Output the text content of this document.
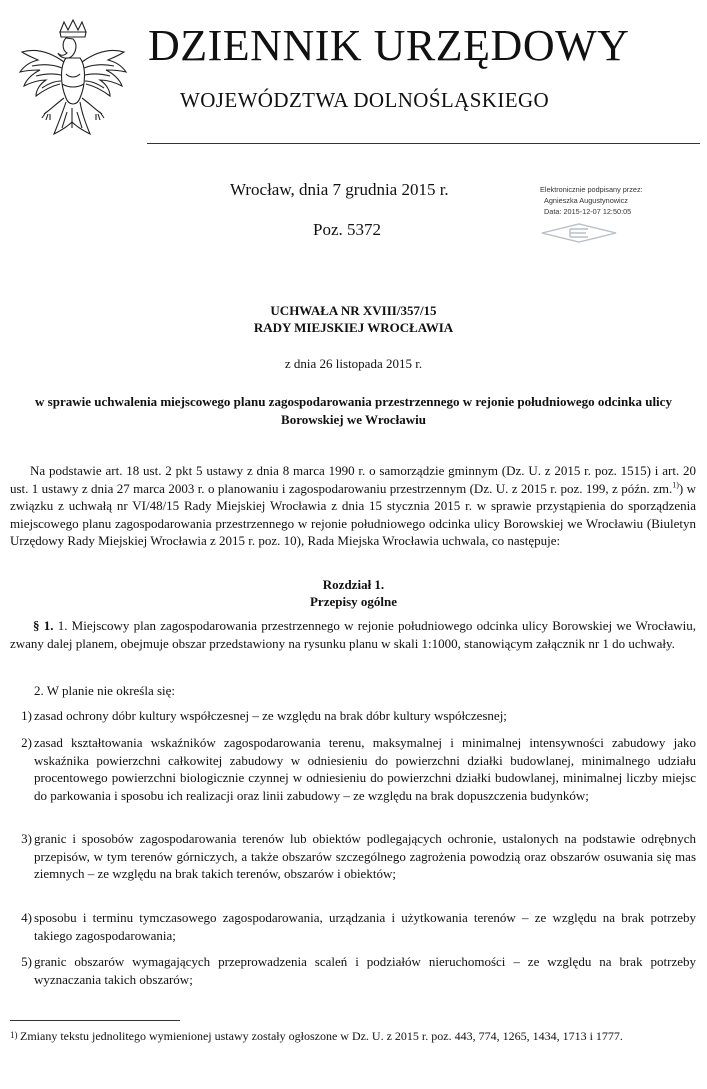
DZIENNIK URZĘDOWY
WOJEWÓDZTWA DOLNOŚLĄSKIEGO
Wrocław, dnia 7 grudnia 2015 r.
Poz. 5372
Elektronicznie podpisany przez:
Agnieszka Augustynowicz
Data: 2015-12-07 12:50:05
UCHWAŁA NR XVIII/357/15
RADY MIEJSKIEJ WROCŁAWIA
z dnia 26 listopada 2015 r.
w sprawie uchwalenia miejscowego planu zagospodarowania przestrzennego w rejonie południowego odcinka ulicy Borowskiej we Wrocławiu
Na podstawie art. 18 ust. 2 pkt 5 ustawy z dnia 8 marca 1990 r. o samorządzie gminnym (Dz. U. z 2015 r. poz. 1515) i art. 20 ust. 1 ustawy z dnia 27 marca 2003 r. o planowaniu i zagospodarowaniu przestrzennym (Dz. U. z 2015 r. poz. 199, z późn. zm.$^{1)}$) w związku z uchwałą nr VI/48/15 Rady Miejskiej Wrocławia z dnia 15 stycznia 2015 r. w sprawie przystąpienia do sporządzenia miejscowego planu zagospodarowania przestrzennego w rejonie południowego odcinka ulicy Borowskiej we Wrocławiu (Biuletyn Urzędowy Rady Miejskiej Wrocławia z 2015 r. poz. 10), Rada Miejska Wrocławia uchwala, co następuje:
Rozdział 1.
Przepisy ogólne
§ 1. 1. Miejscowy plan zagospodarowania przestrzennego w rejonie południowego odcinka ulicy Borowskiej we Wrocławiu, zwany dalej planem, obejmuje obszar przedstawiony na rysunku planu w skali 1:1000, stanowiącym załącznik nr 1 do uchwały.
2. W planie nie określa się:
1) zasad ochrony dóbr kultury współczesnej – ze względu na brak dóbr kultury współczesnej;
2) zasad kształtowania wskaźników zagospodarowania terenu, maksymalnej i minimalnej intensywności zabudowy jako wskaźnika powierzchni całkowitej zabudowy w odniesieniu do powierzchni działki budowlanej, minimalnego udziału procentowego powierzchni biologicznie czynnej w odniesieniu do powierzchni działki budowlanej, minimalnej liczby miejsc do parkowania i sposobu ich realizacji oraz linii zabudowy – ze względu na brak dopuszczenia budynków;
3) granic i sposobów zagospodarowania terenów lub obiektów podlegających ochronie, ustalonych na podstawie odrębnych przepisów, w tym terenów górniczych, a także obszarów szczególnego zagrożenia powodzią oraz obszarów osuwania się mas ziemnych – ze względu na brak takich terenów, obszarów i obiektów;
4) sposobu i terminu tymczasowego zagospodarowania, urządzania i użytkowania terenów – ze względu na brak potrzeby takiego zagospodarowania;
5) granic obszarów wymagających przeprowadzenia scaleń i podziałów nieruchomości – ze względu na brak potrzeby wyznaczania takich obszarów;
1) Zmiany tekstu jednolitego wymienionej ustawy zostały ogłoszone w Dz. U. z 2015 r. poz. 443, 774, 1265, 1434, 1713 i 1777.
